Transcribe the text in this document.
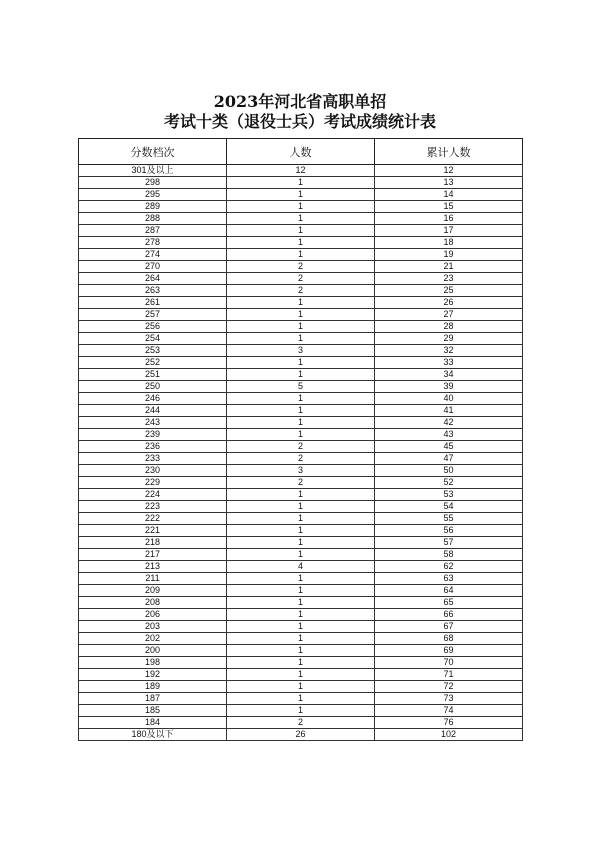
2023年河北省高职单招
考试十类（退役士兵）考试成绩统计表
分数档次	人数	累计人数
301及以上	12	12
298	1	13
295	1	14
289	1	15
288	1	16
287	1	17
278	1	18
274	1	19
270	2	21
264	2	23
263	2	25
261	1	26
257	1	27
256	1	28
254	1	29
253	3	32
252	1	33
251	1	34
250	5	39
246	1	40
244	1	41
243	1	42
239	1	43
236	2	45
233	2	47
230	3	50
229	2	52
224	1	53
223	1	54
222	1	55
221	1	56
218	1	57
217	1	58
213	4	62
211	1	63
209	1	64
208	1	65
206	1	66
203	1	67
202	1	68
200	1	69
198	1	70
192	1	71
189	1	72
187	1	73
185	1	74
184	2	76
180及以下	26	102
